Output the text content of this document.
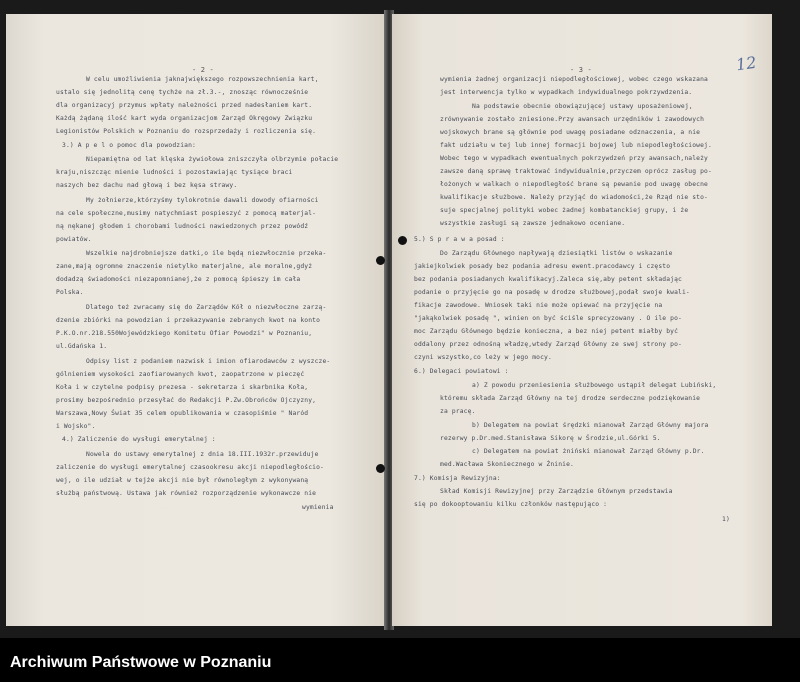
- 2 -
W celu umożliwienia jaknajwiększego rozpowszechnienia kart,
ustalo się jednolitą cenę tychże na zł.3.-, znosząc równocześnie
dla organizacyj przymus wpłaty należności przed nadesłaniem kart.
Każdą żądaną ilość kart wyda organizacjom Zarząd Okręgowy Związku
Legionistów Polskich w Poznaniu do rozsprzedaży i rozliczenia się.
3.) A p e l o pomoc dla powodzian:
Niepamiętna od lat klęska żywiołowa zniszczyła olbrzymie połacie
kraju,niszcząc mienie ludności i pozostawiając tysiące braci
naszych bez dachu nad głową i bez kęsa strawy.
My żołnierze,którzyśmy tylokrotnie dawali dowody ofiarności
na cele społeczne,musimy natychmiast pospieszyć z pomocą materjal-
ną nękanej głodem i chorobami ludności nawiedzonych przez powódź
powiatów.
Wszelkie najdrobniejsze datki,o ile będą niezwłocznie przeka-
zane,mają ogromne znaczenie nietylko materjalne, ale moralne,gdyż
dodadzą świadomości niezapomnianej,że z pomocą śpieszy im cała
Polska.
Dlatego też zwracamy się do Zarządów Kół o niezwłoczne zarzą-
dzenie zbiórki na powodzian i przekazywanie zebranych kwot na konto
P.K.O.nr.218.550Wojewódzkiego Komitetu Ofiar Powodzi" w Poznaniu,
ul.Gdańska 1.
Odpisy list z podaniem nazwisk i imion ofiarodawców z wyszcze-
gólnieniem wysokości zaofiarowanych kwot, zaopatrzone w pieczęć
Koła i w czytelne podpisy prezesa - sekretarza i skarbnika Koła,
prosimy bezpośrednio przesyłać do Redakcji P.Zw.Obrońców Ojczyzny,
Warszawa,Nowy Świat 35 celem opublikowania w czasopiśmie " Naród
i Wojsko".
4.) Zaliczenie do wysługi emerytalnej :
Nowela do ustawy emerytalnej z dnia 18.III.1932r.przewiduje
zaliczenie do wysługi emerytalnej czasookresu akcji niepodległościo-
wej, o ile udział w tejże akcji nie był równoległym z wykonywaną
służbą państwową. Ustawa jak również rozporządzenie wykonawcze nie
wymienia
- 3 -	12
wymienia żadnej organizacji niepodległościowej, wobec czego wskazana
jest interwencja tylko w wypadkach indywidualnego pokrzywdzenia.
Na podstawie obecnie obowiązującej ustawy uposażeniowej,
zrównywanie zostało zniesione.Przy awansach urzędników i zawodowych
wojskowych brane są głównie pod uwagę posiadane odznaczenia, a nie
fakt udziału w tej lub innej formacji bojowej lub niepodległościowej.
Wobec tego w wypadkach ewentualnych pokrzywdzeń przy awansach,należy
zawsze daną sprawę traktować indywidualnie,przyczem oprócz zasług po-
łożonych w walkach o niepodległość brane są pewanie pod uwagę obecne
kwalifikacje służbowe. Należy przyjąć do wiadomości,że Rząd nie sto-
suje specjalnej polityki wobec żadnej kombatanckiej grupy, i że
wszystkie zasługi są zawsze jednakowo oceniane.
5.) S p r a w a posad :
Do Zarządu Głównego napływają dziesiątki listów o wskazanie
jakiejkolwiek posady bez podania adresu ewent.pracodawcy i często
bez podania posiadanych kwalifikacyj.Zaleca się,aby petent składając
podanie o przyjęcie go na posadę w drodze służbowej,podał swoje kwali-
fikacje zawodowe. Wniosek taki nie może opiewać na przyjęcie na
"jakąkolwiek posadę ", winien on być ściśle sprecyzowany . O ile po-
moc Zarządu Głównego będzie konieczna, a bez niej petent miałby być
oddalony przez odnośną władzę,wtedy Zarząd Główny ze swej strony po-
czyni wszystko,co leży w jego mocy.
6.) Delegaci powiatowi :
a) Z powodu przeniesienia służbowego ustąpił delegat Lubiński,
któremu składa Zarząd Główny na tej drodze serdeczne podziękowanie
za pracę.
b) Delegatem na powiat śrędzki mianował Zarząd Główny majora
rezerwy p.Dr.med.Stanisława Sikorę w Środzie,ul.Górki 5.
c) Delegatem na powiat żniński mianował Zarząd Główny p.Dr.
med.Wacława Skoniecznego w Żninie.
7.) Komisja Rewizyjna:
Skład Komisji Rewizyjnej przy Zarządzie Głównym przedstawia
się po dokooptowaniu kilku członków następująco :
1)
Archiwum Państwowe w Poznaniu
